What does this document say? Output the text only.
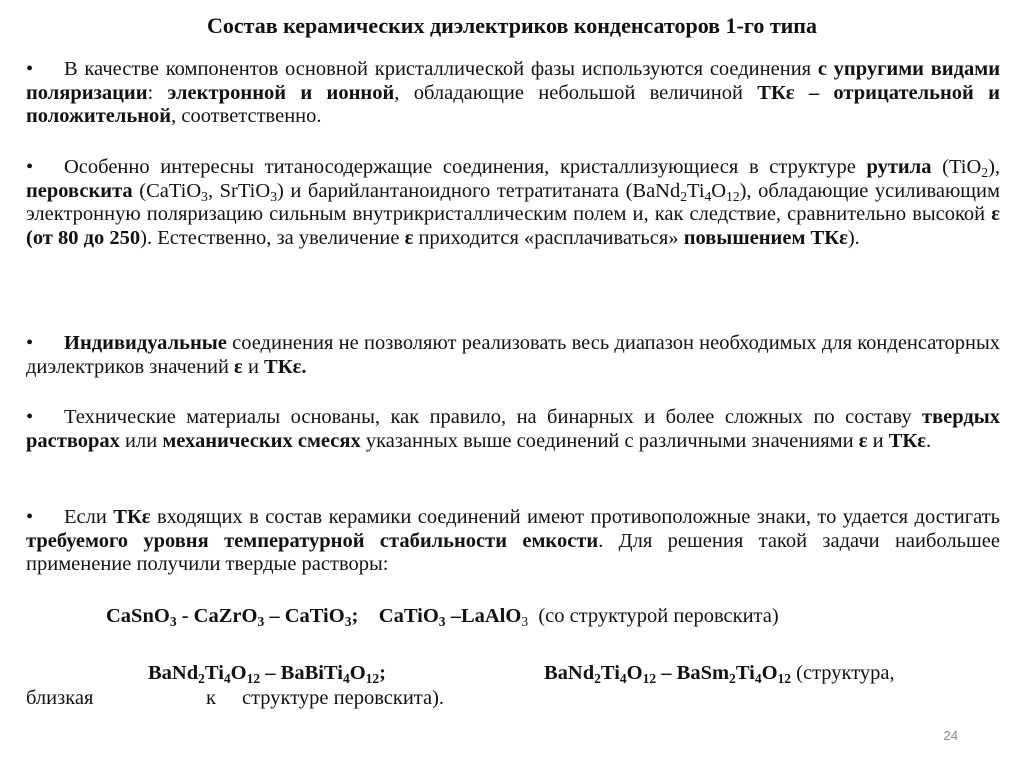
Состав керамических диэлектриков конденсаторов 1-го типа
• В качестве компонентов основной кристаллической фазы используются соединения с упругими видами поляризации: электронной и ионной, обладающие небольшой величиной ТКε – отрицательной и положительной, соответственно.
• Особенно интересны титаносодержащие соединения, кристаллизующиеся в структуре рутила (TiO$_2$), перовскита (CaTiO$_3$, SrTiO$_3$) и барийлантаноидного тетратитаната $(BaNd_2Ti_4O_{12})$, обладающие усиливающим электронную поляризацию сильным внутрикристаллическим полем и, как следствие, сравнительно высокой ε (от 80 до 250). Естественно, за увеличение ε приходится «расплачиваться» повышением ТКε).
• Индивидуальные соединения не позволяют реализовать весь диапазон необходимых для конденсаторных диэлектриков значений ε и ТКε.
• Технические материалы основаны, как правило, на бинарных и более сложных по составу твердых растворах или механических смесях указанных выше соединений с различными значениями ε и ТКε.
• Если ТКε входящих в состав керамики соединений имеют противоположные знаки, то удается достигать требуемого уровня температурной стабильности емкости. Для решения такой задачи наибольшее применение получили твердые растворы:
CaSnO$_3$ - CaZrO$_3$ – CaTiO$_3$; CaTiO$_3$ –LaAlO$_3$ (со структурой перовскита)
$BaNd_2Ti_4O_{12}$ – $BaBiTi_4O_{12}$;	$BaNd_2Ti_4O_{12}$ – $BaSm_2Ti_4O_{12}$ (структура,
близкая	к структуре перовскита).
24
